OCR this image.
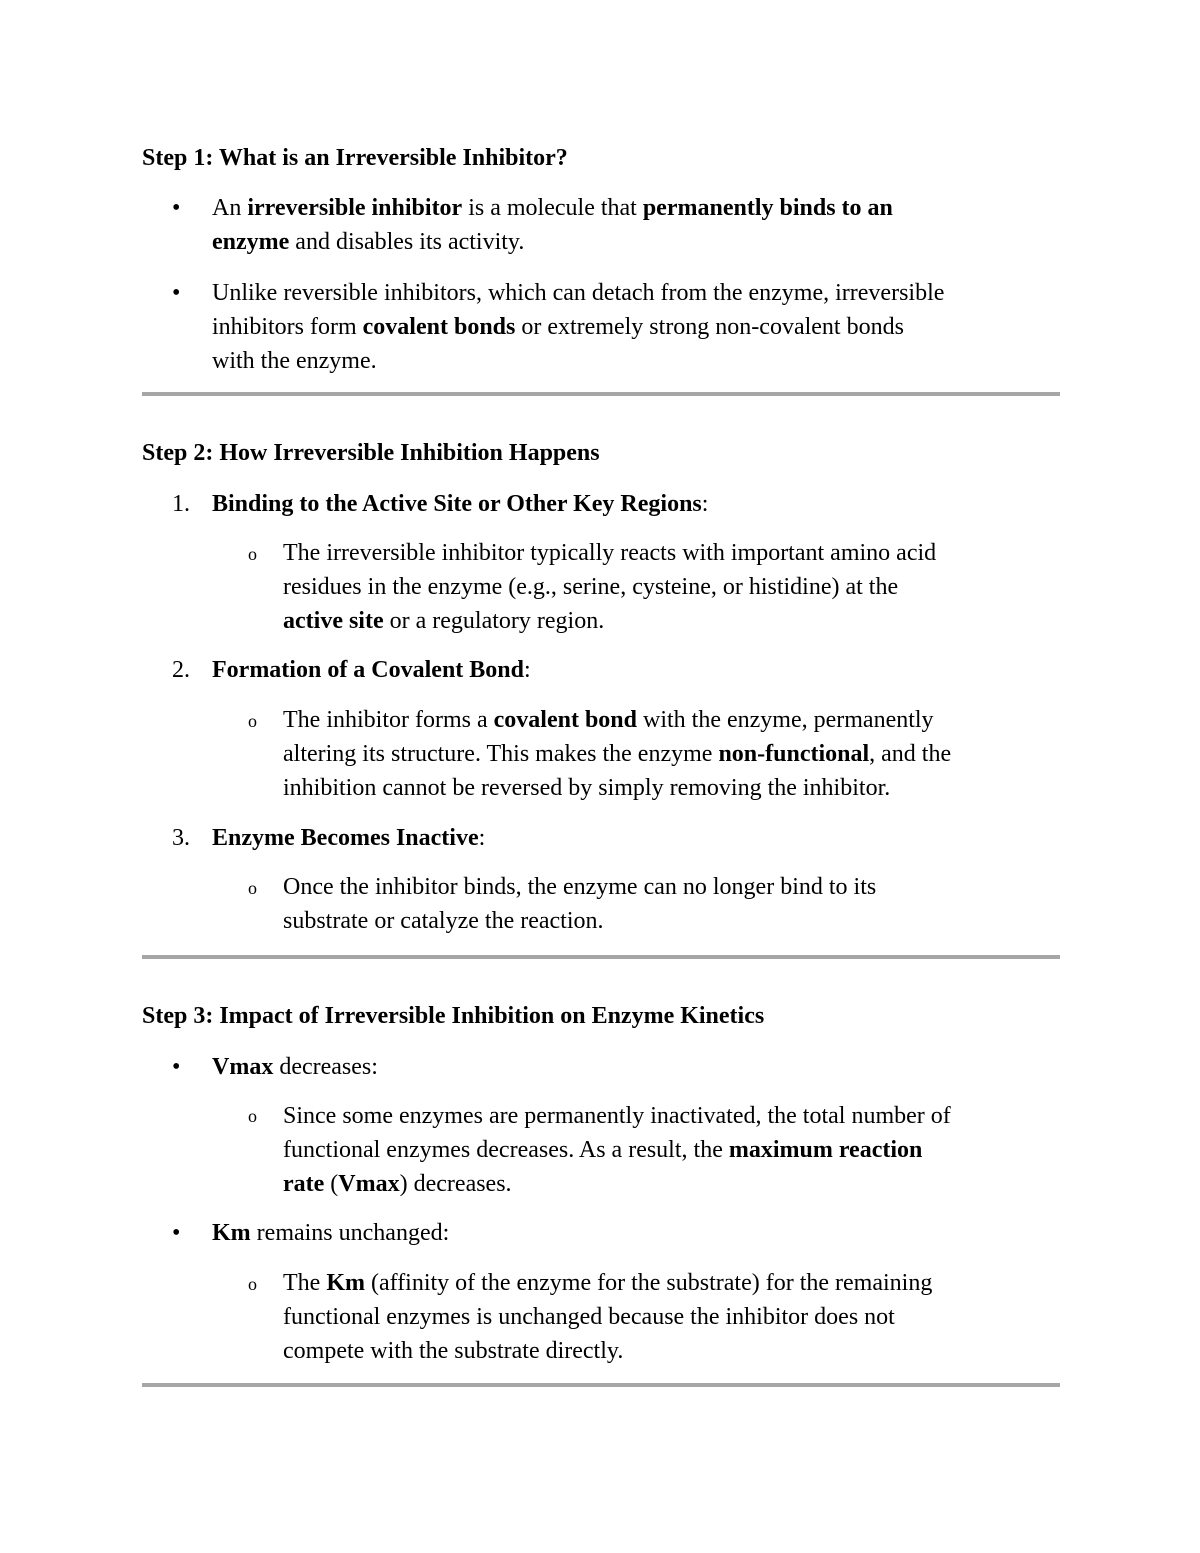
Step 1: What is an Irreversible Inhibitor?
• An irreversible inhibitor is a molecule that permanently binds to an
enzyme and disables its activity.
• Unlike reversible inhibitors, which can detach from the enzyme, irreversible
inhibitors form covalent bonds or extremely strong non-covalent bonds
with the enzyme.
Step 2: How Irreversible Inhibition Happens
1. Binding to the Active Site or Other Key Regions:
o The irreversible inhibitor typically reacts with important amino acid
residues in the enzyme (e.g., serine, cysteine, or histidine) at the
active site or a regulatory region.
2. Formation of a Covalent Bond:
o The inhibitor forms a covalent bond with the enzyme, permanently
altering its structure. This makes the enzyme non-functional, and the
inhibition cannot be reversed by simply removing the inhibitor.
3. Enzyme Becomes Inactive:
o Once the inhibitor binds, the enzyme can no longer bind to its
substrate or catalyze the reaction.
Step 3: Impact of Irreversible Inhibition on Enzyme Kinetics
• Vmax decreases:
o Since some enzymes are permanently inactivated, the total number of
functional enzymes decreases. As a result, the maximum reaction
rate (Vmax) decreases.
• Km remains unchanged:
o The Km (affinity of the enzyme for the substrate) for the remaining
functional enzymes is unchanged because the inhibitor does not
compete with the substrate directly.
